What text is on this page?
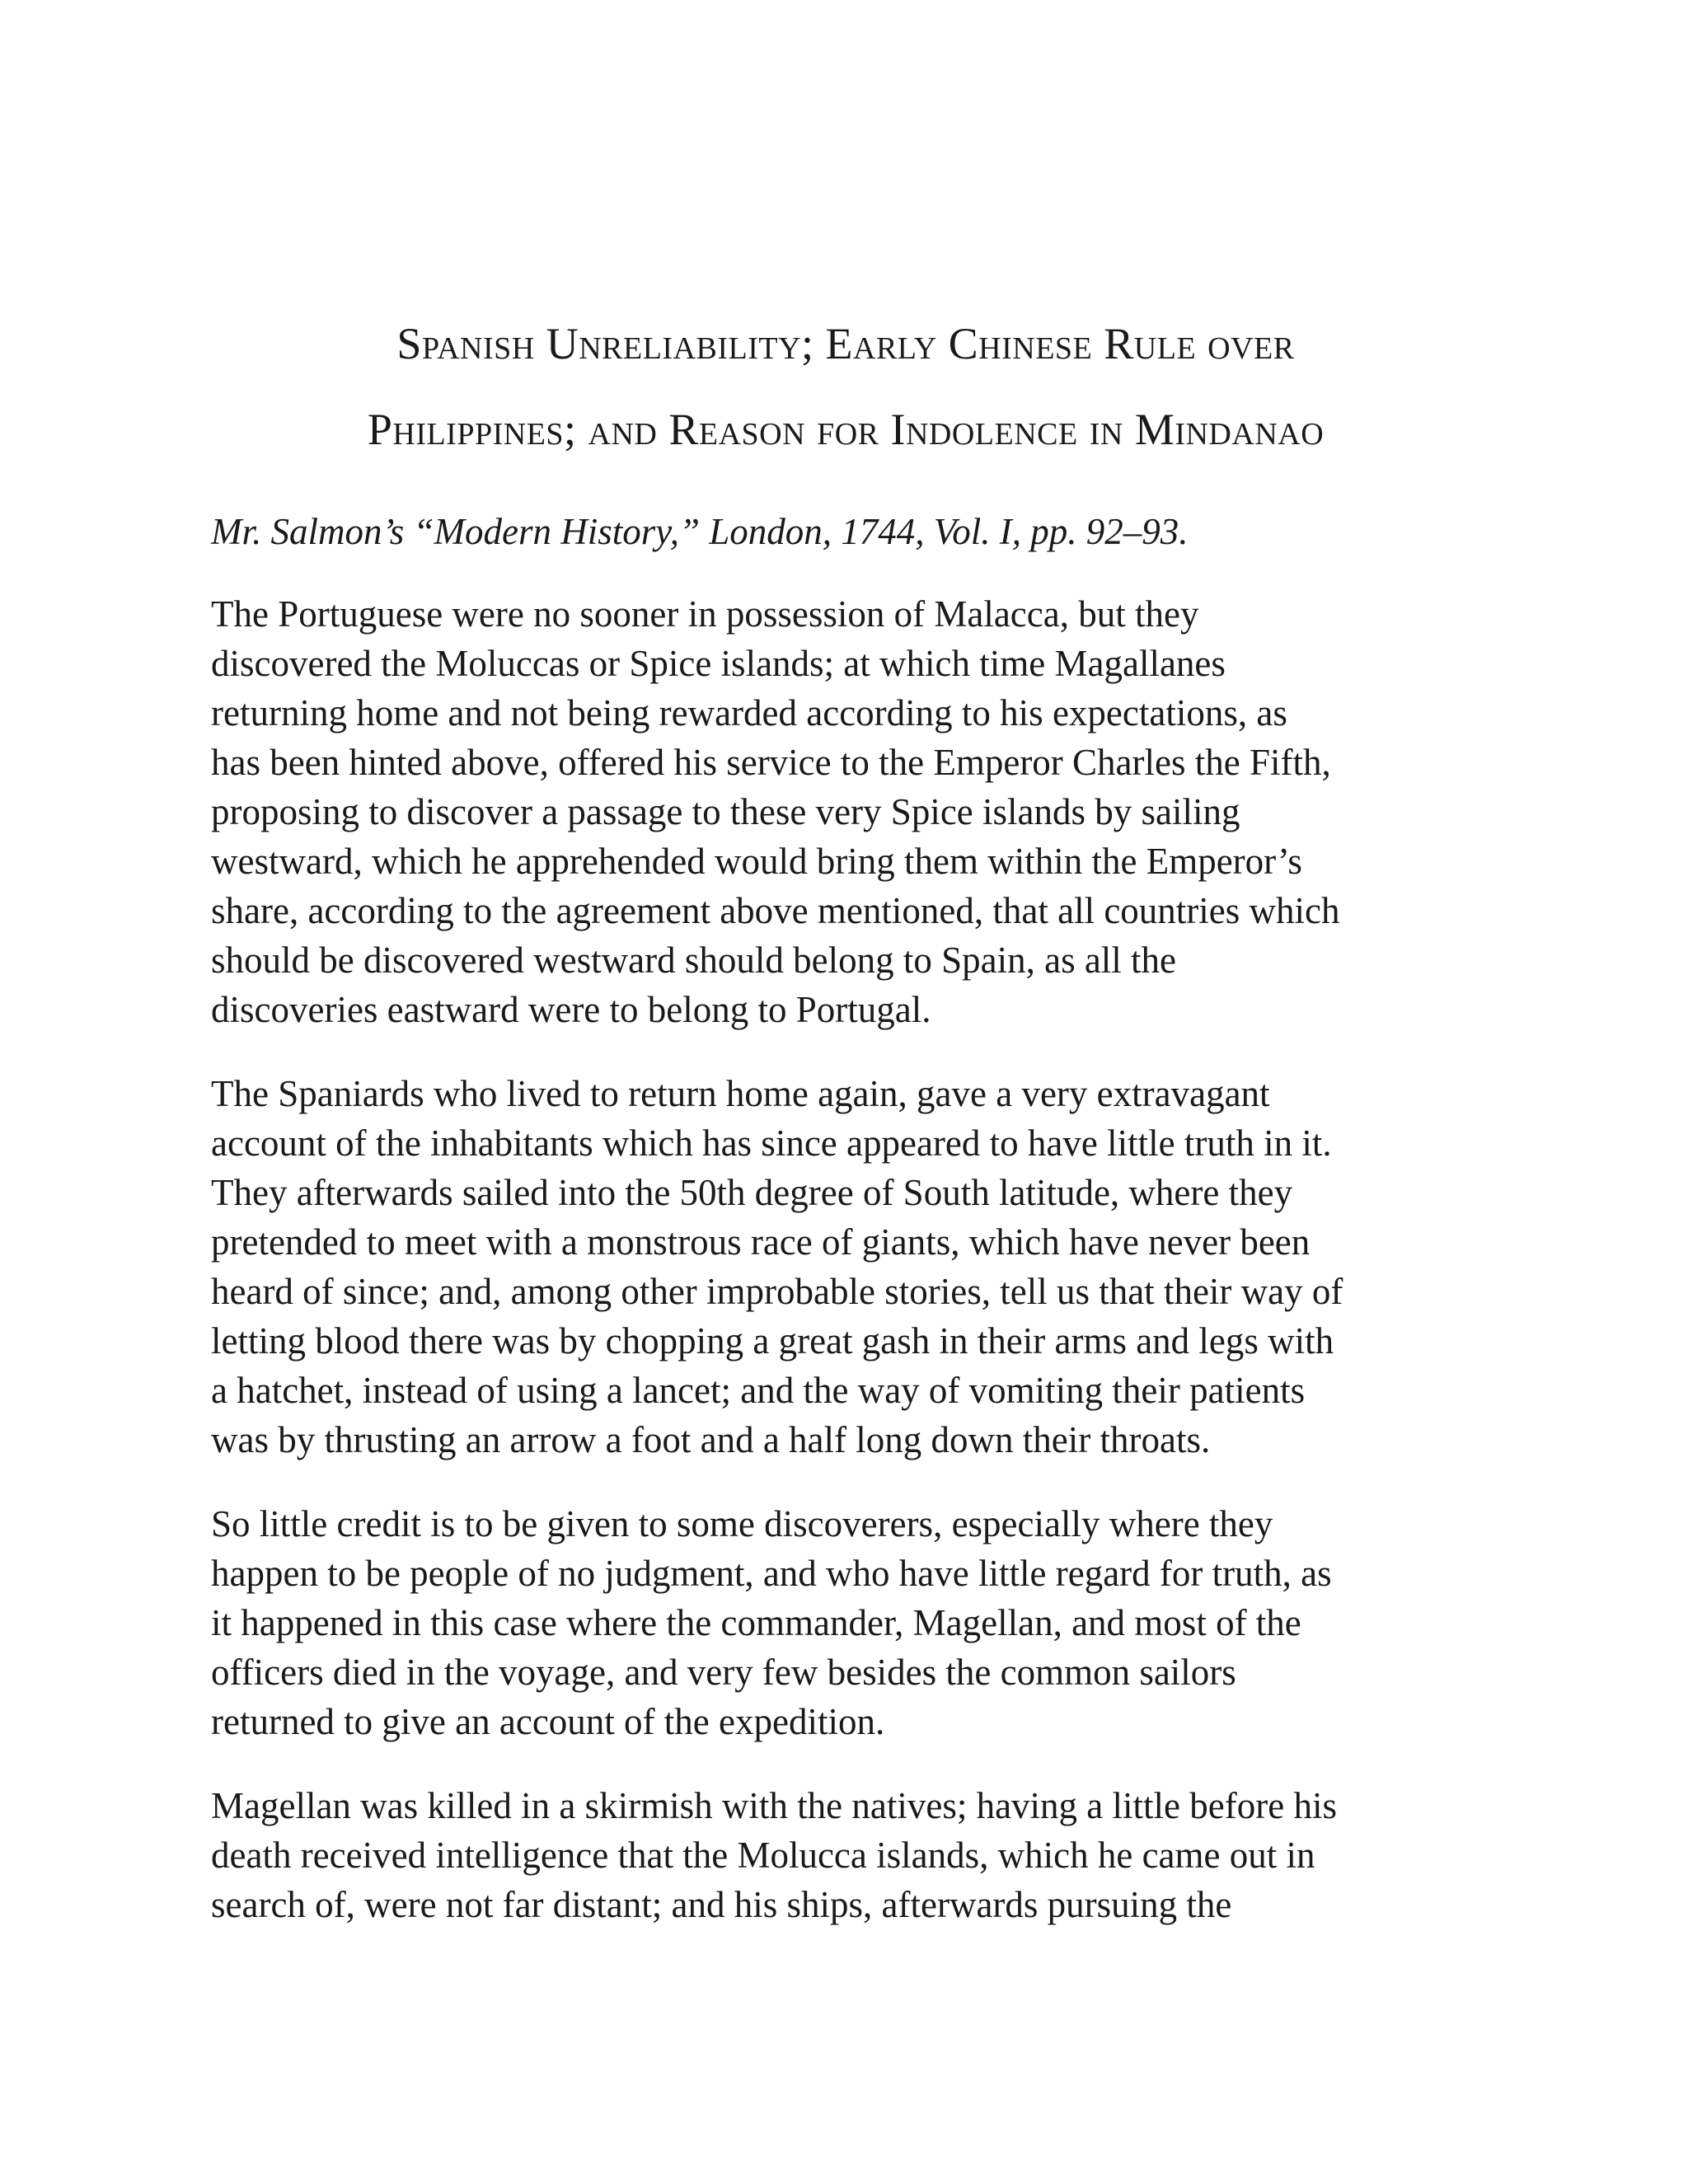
Spanish Unreliability; Early Chinese Rule over
Philippines; and Reason for Indolence in Mindanao

Mr. Salmon’s “Modern History,” London, 1744, Vol. I, pp. 92–93.

The Portuguese were no sooner in possession of Malacca, but they
discovered the Moluccas or Spice islands; at which time Magallanes
returning home and not being rewarded according to his expectations, as
has been hinted above, offered his service to the Emperor Charles the Fifth,
proposing to discover a passage to these very Spice islands by sailing
westward, which he apprehended would bring them within the Emperor’s
share, according to the agreement above mentioned, that all countries which
should be discovered westward should belong to Spain, as all the
discoveries eastward were to belong to Portugal.

The Spaniards who lived to return home again, gave a very extravagant
account of the inhabitants which has since appeared to have little truth in it.
They afterwards sailed into the 50th degree of South latitude, where they
pretended to meet with a monstrous race of giants, which have never been
heard of since; and, among other improbable stories, tell us that their way of
letting blood there was by chopping a great gash in their arms and legs with
a hatchet, instead of using a lancet; and the way of vomiting their patients
was by thrusting an arrow a foot and a half long down their throats.

So little credit is to be given to some discoverers, especially where they
happen to be people of no judgment, and who have little regard for truth, as
it happened in this case where the commander, Magellan, and most of the
officers died in the voyage, and very few besides the common sailors
returned to give an account of the expedition.

Magellan was killed in a skirmish with the natives; having a little before his
death received intelligence that the Molucca islands, which he came out in
search of, were not far distant; and his ships, afterwards pursuing the
